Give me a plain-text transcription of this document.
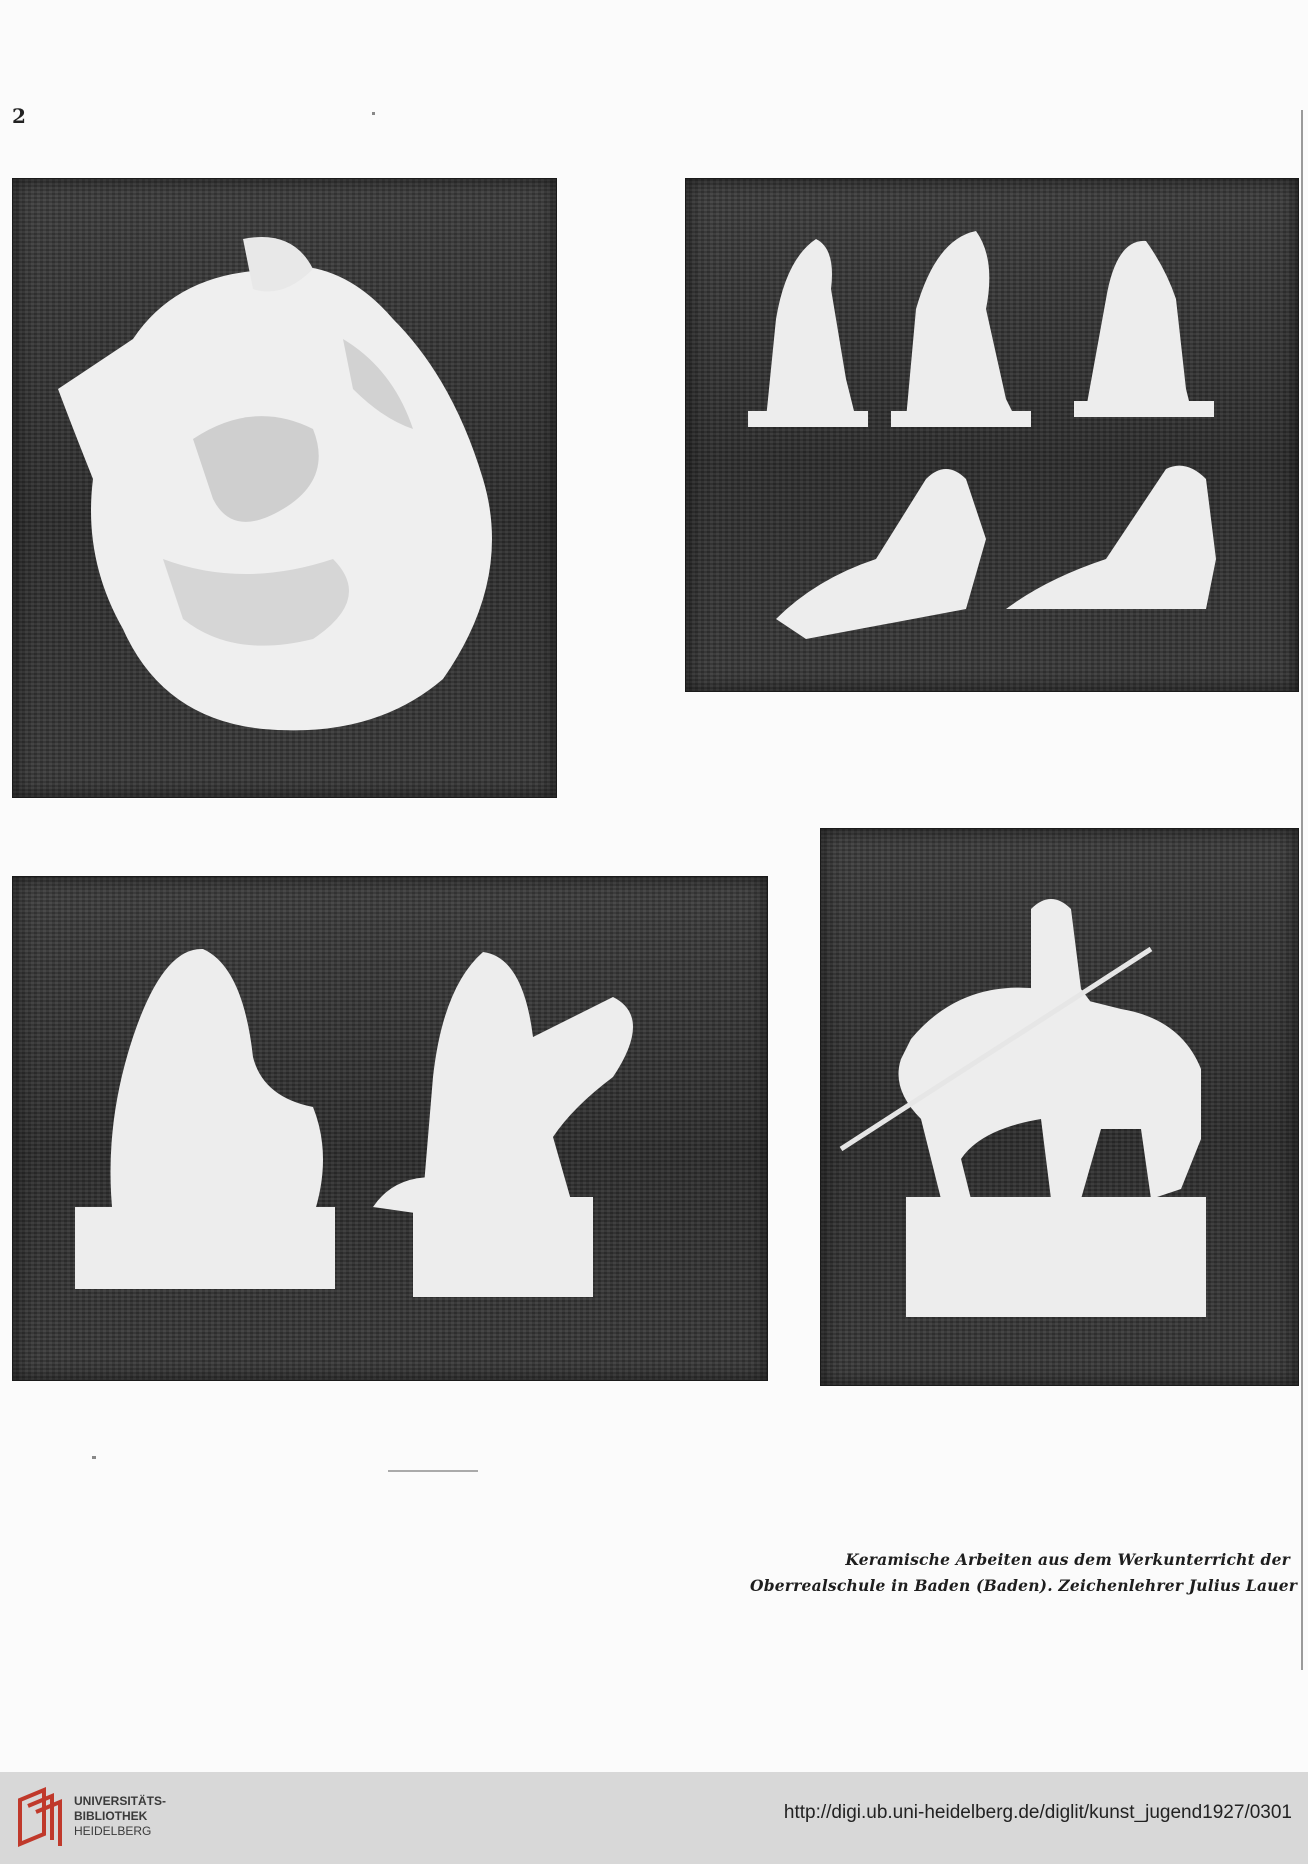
2
Keramische Arbeiten aus dem Werkunterricht der
Oberrealschule in Baden (Baden). Zeichenlehrer Julius Lauer
UNIVERSITÄTS-
BIBLIOTHEK
HEIDELBERG
http://digi.ub.uni-heidelberg.de/diglit/kunst_jugend1927/0301
